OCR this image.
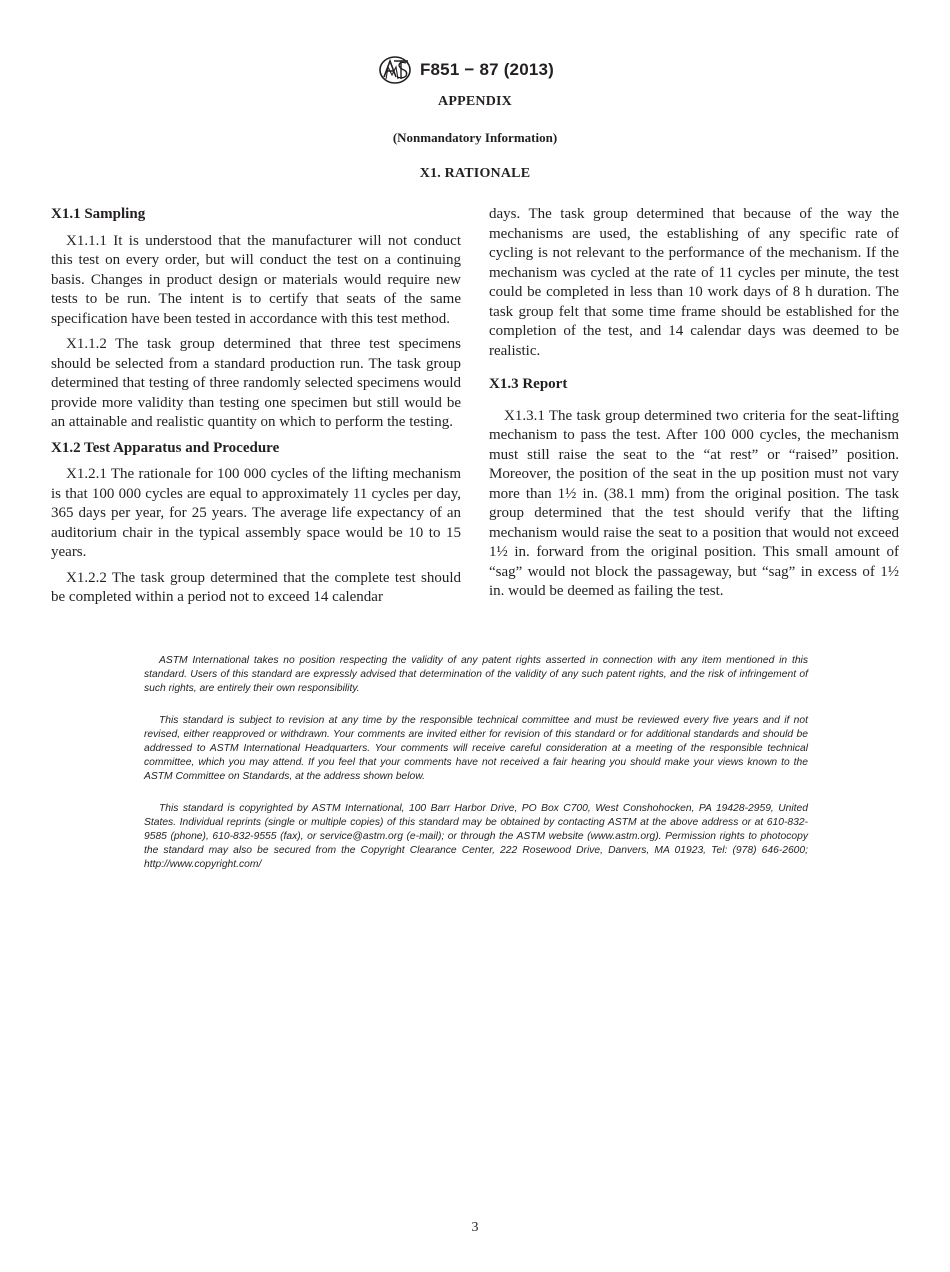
F851 − 87 (2013)
APPENDIX
(Nonmandatory Information)
X1. RATIONALE
X1.1 Sampling

X1.1.1 It is understood that the manufacturer will not conduct this test on every order, but will conduct the test on a continuing basis. Changes in product design or materials would require new tests to be run. The intent is to certify that seats of the same specification have been tested in accordance with this test method.

X1.1.2 The task group determined that three test specimens should be selected from a standard production run. The task group determined that testing of three randomly selected specimens would provide more validity than testing one specimen but still would be an attainable and realistic quantity on which to perform the testing.

X1.2 Test Apparatus and Procedure

X1.2.1 The rationale for 100 000 cycles of the lifting mechanism is that 100 000 cycles are equal to approximately 11 cycles per day, 365 days per year, for 25 years. The average life expectancy of an auditorium chair in the typical assembly space would be 10 to 15 years.

X1.2.2 The task group determined that the complete test should be completed within a period not to exceed 14 calendar

days. The task group determined that because of the way the mechanisms are used, the establishing of any specific rate of cycling is not relevant to the performance of the mechanism. If the mechanism was cycled at the rate of 11 cycles per minute, the test could be completed in less than 10 work days of 8 h duration. The task group felt that some time frame should be established for the completion of the test, and 14 calendar days was deemed to be realistic.

X1.3 Report

X1.3.1 The task group determined two criteria for the seat-lifting mechanism to pass the test. After 100 000 cycles, the mechanism must still raise the seat to the “at rest” or “raised” position. Moreover, the position of the seat in the up position must not vary more than 1½ in. (38.1 mm) from the original position. The task group determined that the test should verify that the lifting mechanism would raise the seat to a position that would not exceed 1½ in. forward from the original position. This small amount of “sag” would not block the passageway, but “sag” in excess of 1½ in. would be deemed as failing the test.

ASTM International takes no position respecting the validity of any patent rights asserted in connection with any item mentioned in this standard. Users of this standard are expressly advised that determination of the validity of any such patent rights, and the risk of infringement of such rights, are entirely their own responsibility.

This standard is subject to revision at any time by the responsible technical committee and must be reviewed every five years and if not revised, either reapproved or withdrawn. Your comments are invited either for revision of this standard or for additional standards and should be addressed to ASTM International Headquarters. Your comments will receive careful consideration at a meeting of the responsible technical committee, which you may attend. If you feel that your comments have not received a fair hearing you should make your views known to the ASTM Committee on Standards, at the address shown below.

This standard is copyrighted by ASTM International, 100 Barr Harbor Drive, PO Box C700, West Conshohocken, PA 19428-2959, United States. Individual reprints (single or multiple copies) of this standard may be obtained by contacting ASTM at the above address or at 610-832-9585 (phone), 610-832-9555 (fax), or service@astm.org (e-mail); or through the ASTM website (www.astm.org). Permission rights to photocopy the standard may also be secured from the Copyright Clearance Center, 222 Rosewood Drive, Danvers, MA 01923, Tel: (978) 646-2600; http://www.copyright.com/

3
